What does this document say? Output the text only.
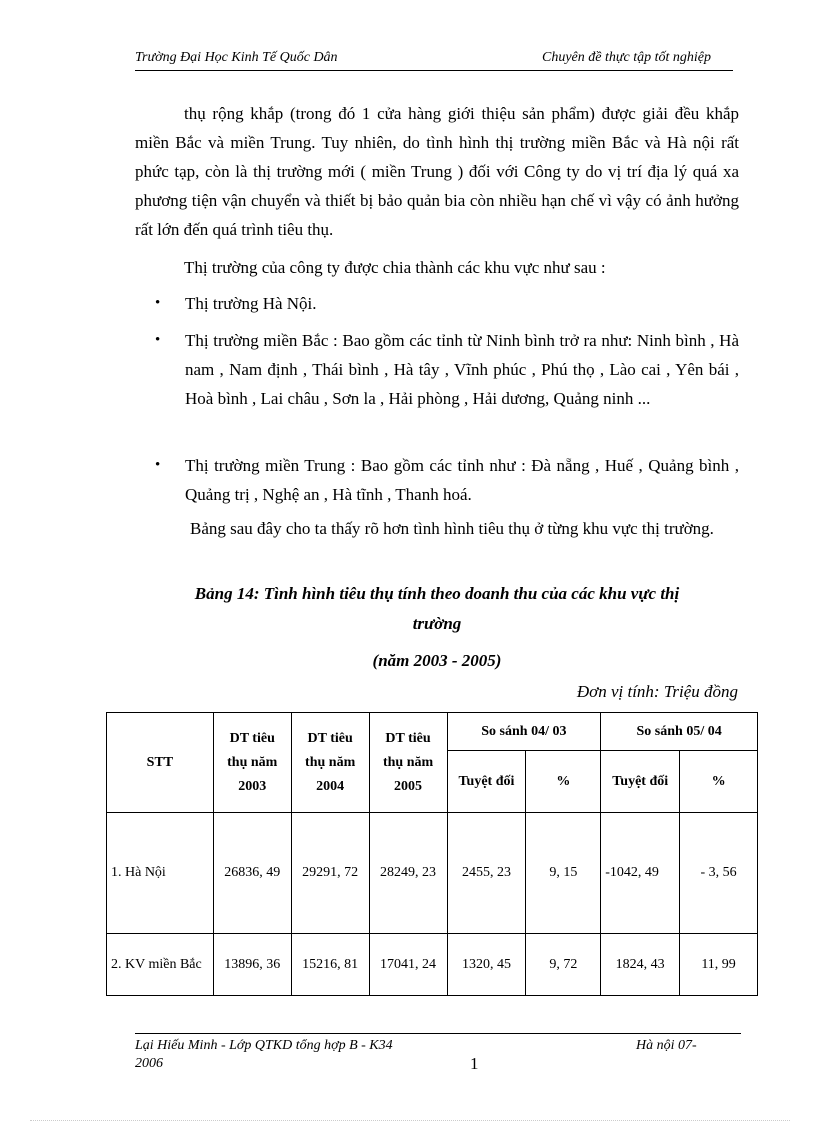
Trường Đại Học Kinh Tế Quốc Dân	Chuyên đề thực tập tốt nghiệp

thụ rộng khắp (trong đó 1 cửa hàng giới thiệu sản phẩm) được giải đều khắp miền Bắc và miền Trung. Tuy nhiên, do tình hình thị trường miền Bắc và Hà nội rất phức tạp, còn là thị trường mới ( miền Trung ) đối với Công ty do vị trí địa lý quá xa phương tiện vận chuyển và thiết bị bảo quản bia còn nhiều hạn chế vì vậy có ảnh hưởng rất lớn đến quá trình tiêu thụ.

Thị trường của công ty được chia thành các khu vực như sau :

•	Thị trường Hà Nội.
•	Thị trường miền Bắc : Bao gồm các tỉnh từ Ninh bình trở ra như: Ninh bình , Hà nam , Nam định , Thái bình , Hà tây , Vĩnh phúc , Phú thọ , Lào cai , Yên bái , Hoà bình , Lai châu , Sơn la , Hải phòng , Hải dương, Quảng ninh ...
•	Thị trường miền Trung : Bao gồm các tỉnh như : Đà nẵng , Huế , Quảng bình , Quảng trị , Nghệ an , Hà tĩnh , Thanh hoá.

Bảng sau đây cho ta thấy rõ hơn tình hình tiêu thụ ở từng khu vực thị trường.

Bảng 14: Tình hình tiêu thụ tính theo doanh thu của các khu vực thị
trường
(năm 2003 - 2005)
Đơn vị tính: Triệu đồng
STT	DT tiêu thụ năm 2003	DT tiêu thụ năm 2004	DT tiêu thụ năm 2005	So sánh 04/ 03		So sánh 05/ 04	
				Tuyệt đối	%	Tuyệt đối	%
1. Hà Nội	26836, 49	29291, 72	28249, 23	2455, 23	9, 15	-1042, 49	- 3, 56
2. KV miền Bắc	13896, 36	15216, 81	17041, 24	1320, 45	9, 72	1824, 43	11, 99
Lại Hiếu Minh - Lớp QTKD tổng hợp B - K34
2006	1
Hà nội 07-
